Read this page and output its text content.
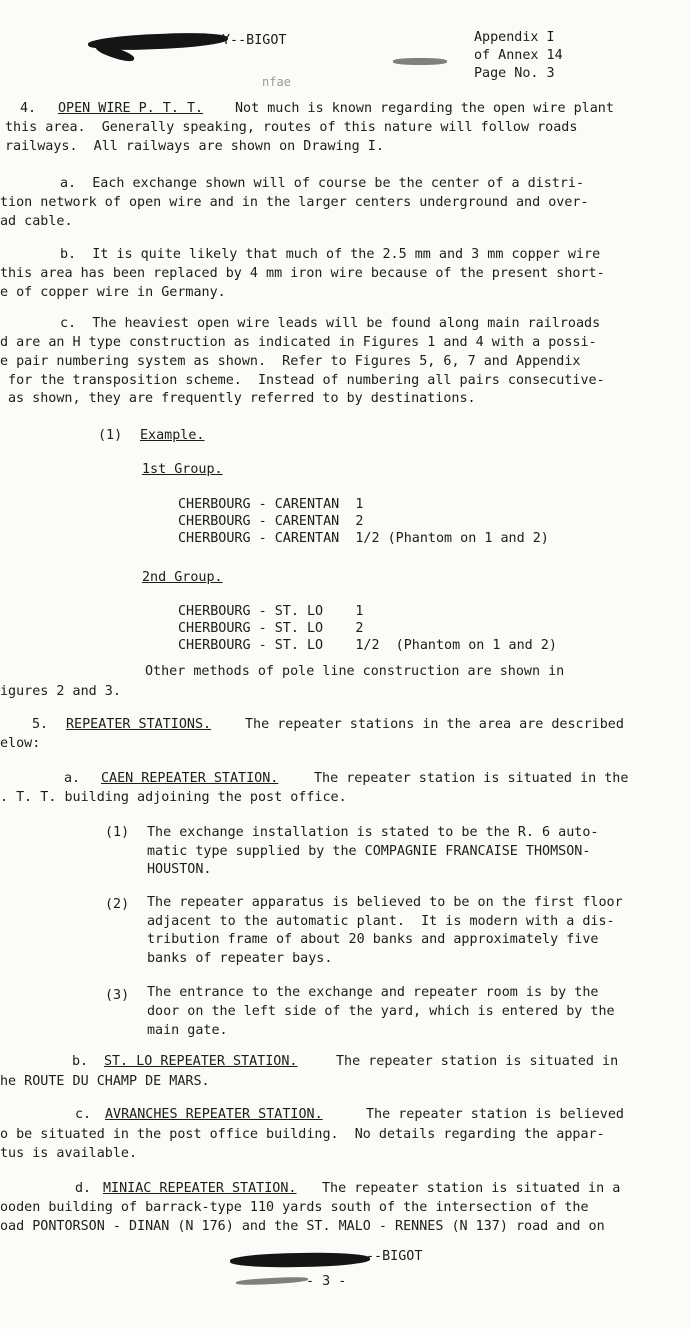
Y--BIGOT	Appendix I
of Annex 14
Page No. 3
nfae
4. OPEN WIRE P. T. T. Not much is known regarding the open wire plant
this area.  Generally speaking, routes of this nature will follow roads
railways.  All railways are shown on Drawing I.
a.  Each exchange shown will of course be the center of a distri-
tion network of open wire and in the larger centers underground and over-
ad cable.
b.  It is quite likely that much of the 2.5 mm and 3 mm copper wire
this area has been replaced by 4 mm iron wire because of the present short-
e of copper wire in Germany.
c.  The heaviest open wire leads will be found along main railroads
d are an H type construction as indicated in Figures 1 and 4 with a possi-
e pair numbering system as shown.  Refer to Figures 5, 6, 7 and Appendix
for the transposition scheme.  Instead of numbering all pairs consecutive-
as shown, they are frequently referred to by destinations.
(1) Example.
1st Group.
CHERBOURG - CARENTAN  1
CHERBOURG - CARENTAN  2
CHERBOURG - CARENTAN  1/2 (Phantom on 1 and 2)
2nd Group.
CHERBOURG - ST. LO    1
CHERBOURG - ST. LO    2
CHERBOURG - ST. LO    1/2  (Phantom on 1 and 2)
Other methods of pole line construction are shown in
igures 2 and 3.
5. REPEATER STATIONS.	The repeater stations in the area are described
elow:
a. CAEN REPEATER STATION.	The repeater station is situated in the
. T. T. building adjoining the post office.
(1) The exchange installation is stated to be the R. 6 auto-
matic type supplied by the COMPAGNIE FRANCAISE THOMSON-
HOUSTON.
(2) The repeater apparatus is believed to be on the first floor
adjacent to the automatic plant.  It is modern with a dis-
tribution frame of about 20 banks and approximately five
banks of repeater bays.
(3) The entrance to the exchange and repeater room is by the
door on the left side of the yard, which is entered by the
main gate.
b. ST. LO REPEATER STATION.	The repeater station is situated in
he ROUTE DU CHAMP DE MARS.
c. AVRANCHES REPEATER STATION.	The repeater station is believed
o be situated in the post office building.  No details regarding the appar-
tus is available.
d. MINIAC REPEATER STATION. The repeater station is situated in a
ooden building of barrack-type 110 yards south of the intersection of the
oad PONTORSON - DINAN (N 176) and the ST. MALO - RENNES (N 137) road and on
--BIGOT
- 3 -
